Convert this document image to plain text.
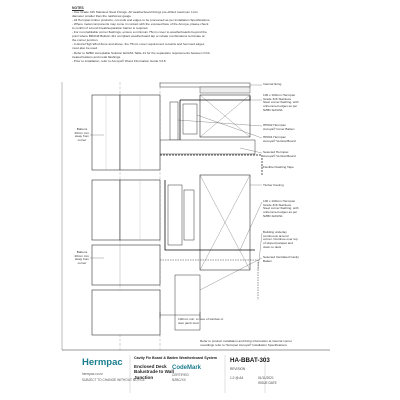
NOTES
- Use Grade 316 Stainless Steel Fixings. All weatherboard fixings pre-drilled maximum 1mm
diameter smaller than the nail/screw gauge.
- All Hermpac timber products, cut ends and edges to be processed as per Installation Specifications.
- Where metal components may come in contact with the exposed face of the Accoya, please check
to confirm if a bond break/separation barrier is required.
- For non-habitable corner flashings, ensure a minimum 75mm cover to weatherboards beyond the
point where BRANZ Bulletin 411 compliant weatherboard lap or rebate combinations terminate at
the corner junction.
- In Extra High Wind Zone and above, the 75mm cover requirement remains and hemmed edges
must also be used.
- Refer to NZBC Acceptable Solution E2/AS1 Table 21 for the separation requirements between CCA
treated battens and metal flashings.
- Prior to installation, refer to Accoya® Wood Information Guide V3.8.
Internal lining
100 x 100mm Hermpac
Grade 316 Stainless
Steel corner flashing, with
unhemmed edges as per
NZBC E2/AS1
HP002 Hermpac
Accoya® Cover Batten.
HP001 Hermpac
Accoya® Vertical Board
Selected Hermpac
Accoya® Vertical Board
Flexible Flashing Tape
Timber framing
100 x 100mm Hermpac
Grade 316 Stainless
Steel corner flashing, with
unhemmed edges as per
NZBC E2/AS1
Building underlay
continuous around
corner. Continue over top
of sloped parapet and
down to deck
Selected Ventilated Cavity
Batten
Battens
40mm min.
away from
corner
Battens
40mm min.
away from
corner
100mm min. to face of window or
door jamb stud
Refer to product installation and fixing information at internal corner
mouldings refer to Hermpac Accoya® Installation Specifications
Hermpac
hermpac.co.nz
SUBJECT TO CHANGE WITHOUT NOTICE
Cavity Fix Board & Batten Weatherboard System
Enclosed Deck
Balustrade to Wall
Junction
CodeMark
CERTIFIED
NZBC/XX
HA-BBAT-303
REVISION
1:2 @ A4	01/11/2021
ISSUE DATE
